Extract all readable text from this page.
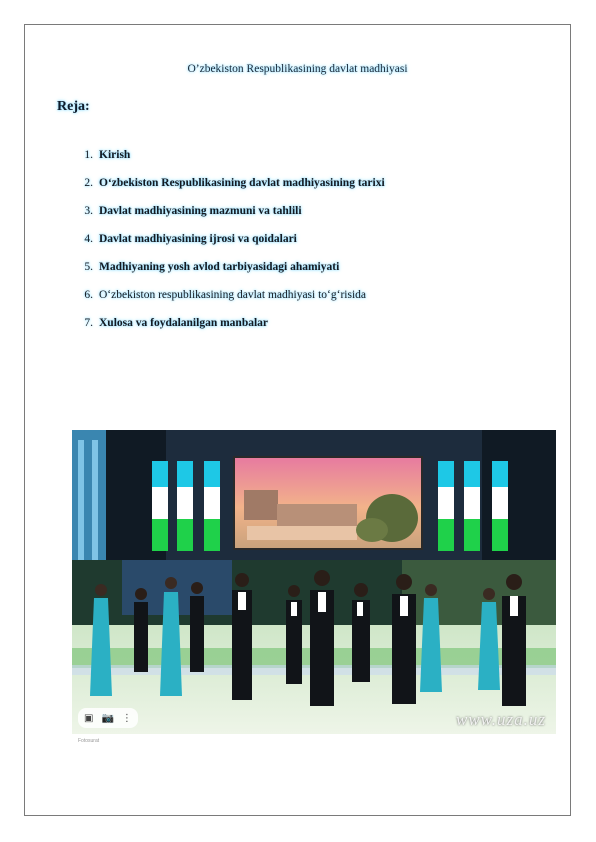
O’zbekiston Respublikasining davlat madhiyasi
Reja:
1. Kirish
2. O‘zbekiston Respublikasining davlat madhiyasining tarixi
3. Davlat madhiyasining mazmuni va tahlili
4. Davlat madhiyasining ijrosi va qoidalari
5. Madhiyaning yosh avlod tarbiyasidagi ahamiyati
6. O‘zbekiston respublikasining davlat madhiyasi to‘g‘risida
7. Xulosa va foydalanilgan manbalar
▣ 📷 ⋮	www.uza.uz
Fotosurat
